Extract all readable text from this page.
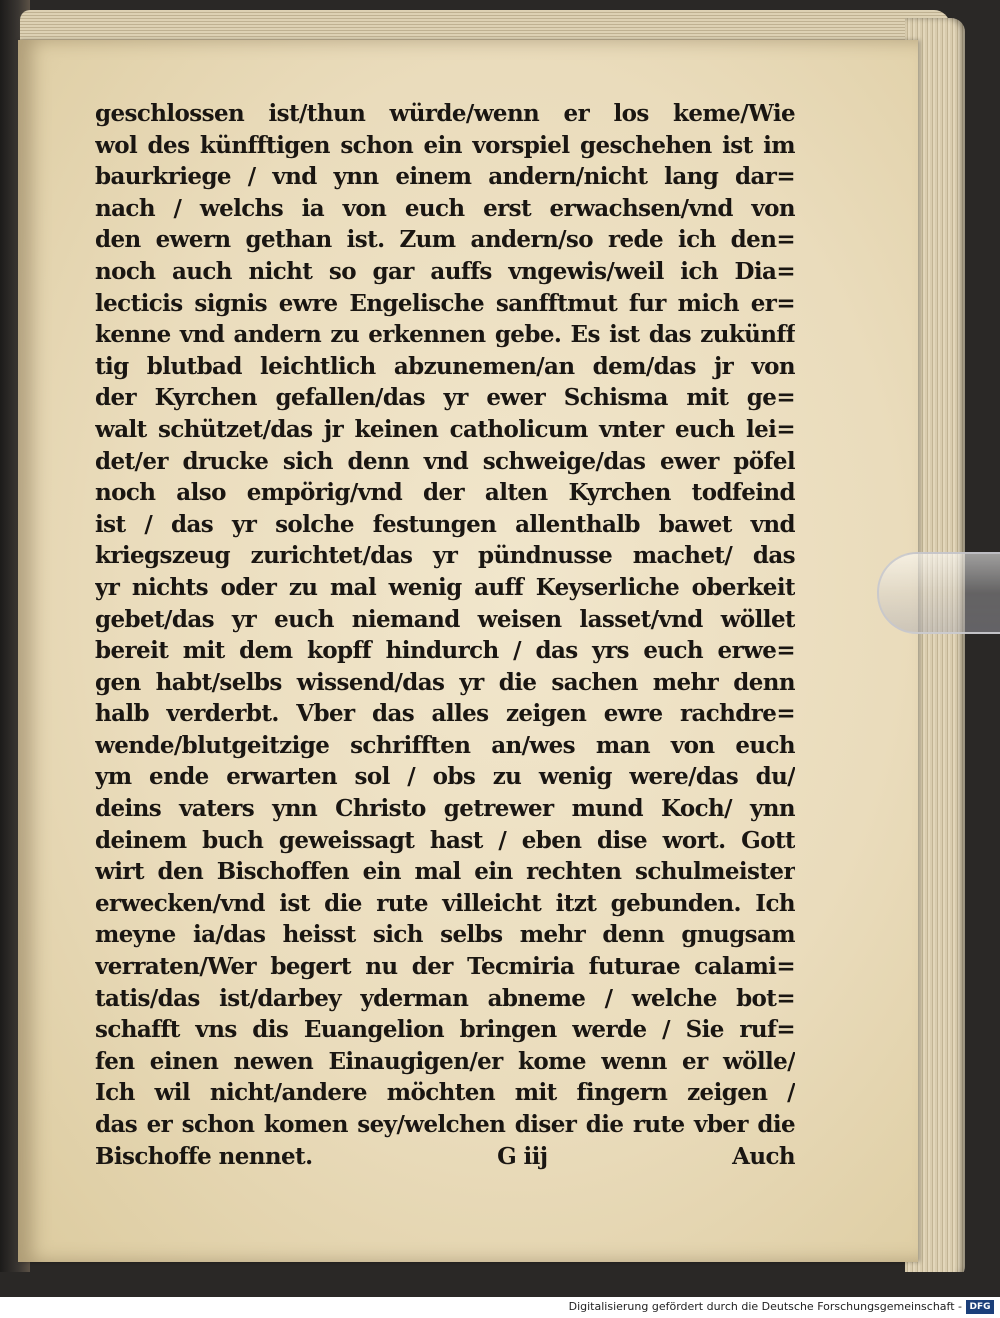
geschlossen ist/thun würde/wenn er los keme/Wie
wol des künfftigen schon ein vorspiel geschehen ist im
baurkriege / vnd ynn einem andern/nicht lang dar=
nach / welchs ia von euch erst erwachsen/vnd von
den ewern gethan ist. Zum andern/so rede ich den=
noch auch nicht so gar auffs vngewis/weil ich Dia=
lecticis signis ewre Engelische sanfftmut fur mich er=
kenne vnd andern zu erkennen gebe. Es ist das zukünff
tig blutbad leichtlich abzunemen/an dem/das jr von
der Kyrchen gefallen/das yr ewer Schisma mit ge=
walt schützet/das jr keinen catholicum vnter euch lei=
det/er drucke sich denn vnd schweige/das ewer pöfel
noch also empörig/vnd der alten Kyrchen todfeind
ist / das yr solche festungen allenthalb bawet vnd
kriegszeug zurichtet/das yr pündnusse machet/ das
yr nichts oder zu mal wenig auff Keyserliche oberkeit
gebet/das yr euch niemand weisen lasset/vnd wöllet
bereit mit dem kopff hindurch / das yrs euch erwe=
gen habt/selbs wissend/das yr die sachen mehr denn
halb verderbt. Vber das alles zeigen ewre rachdre=
wende/blutgeitzige schrifften an/wes man von euch
ym ende erwarten sol / obs zu wenig were/das du/
deins vaters ynn Christo getrewer mund Koch/ ynn
deinem buch geweissagt hast / eben dise wort. Gott
wirt den Bischoffen ein mal ein rechten schulmeister
erwecken/vnd ist die rute villeicht itzt gebunden. Ich
meyne ia/das heisst sich selbs mehr denn gnugsam
verraten/Wer begert nu der Tecmiria futurae calami=
tatis/das ist/darbey yderman abneme / welche bot=
schafft vns dis Euangelion bringen werde / Sie ruf=
fen einen newen Einaugigen/er kome wenn er wölle/
Ich wil nicht/andere möchten mit fingern zeigen /
das er schon komen sey/welchen diser die rute vber die
Bischoffe nennet.	G iij	Auch
Digitalisierung gefördert durch die Deutsche Forschungsgemeinschaft - DFG
